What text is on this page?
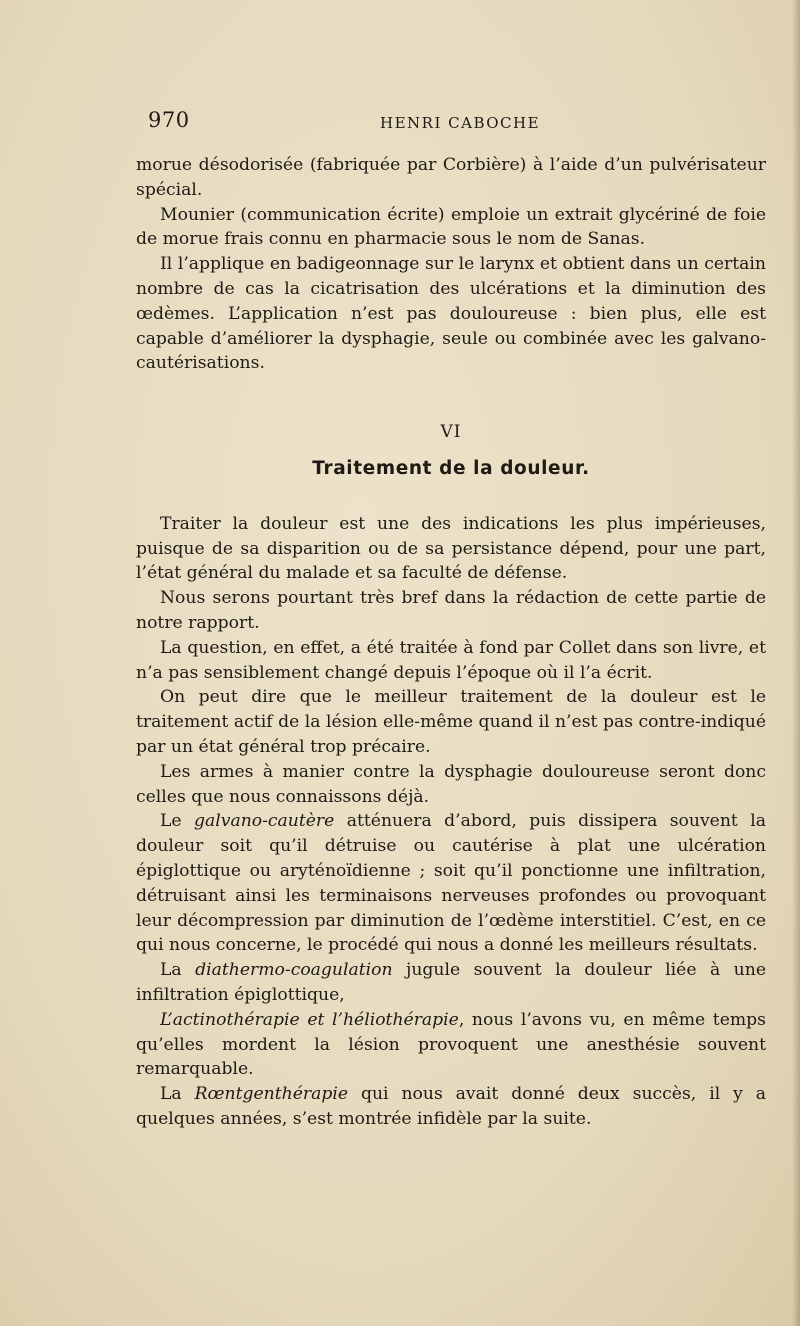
970	HENRI CABOCHE

morue désodorisée (fabriquée par Corbière) à l’aide d’un pulvérisateur spécial.

Mounier (communication écrite) emploie un extrait glycériné de foie de morue frais connu en pharmacie sous le nom de Sanas.

Il l’applique en badigeonnage sur le larynx et obtient dans un certain nombre de cas la cicatrisation des ulcérations et la diminution des œdèmes. L’application n’est pas douloureuse : bien plus, elle est capable d’améliorer la dysphagie, seule ou combinée avec les galvano-cautérisations.

VI
Traitement de la douleur.

Traiter la douleur est une des indications les plus impérieuses, puisque de sa disparition ou de sa persistance dépend, pour une part, l’état général du malade et sa faculté de défense.

Nous serons pourtant très bref dans la rédaction de cette partie de notre rapport.

La question, en effet, a été traitée à fond par Collet dans son livre, et n’a pas sensiblement changé depuis l’époque où il l’a écrit.

On peut dire que le meilleur traitement de la douleur est le traitement actif de la lésion elle-même quand il n’est pas contre-indiqué par un état général trop précaire.

Les armes à manier contre la dysphagie douloureuse seront donc celles que nous connaissons déjà.

Le galvano-cautère atténuera d’abord, puis dissipera souvent la douleur soit qu’il détruise ou cautérise à plat une ulcération épiglottique ou aryténoïdienne ; soit qu’il ponctionne une infiltration, détruisant ainsi les terminaisons nerveuses profondes ou provoquant leur décompression par diminution de l’œdème interstitiel. C’est, en ce qui nous concerne, le procédé qui nous a donné les meilleurs résultats.

La diathermo-coagulation jugule souvent la douleur liée à une infiltration épiglottique,

L’actinothérapie et l’héliothérapie, nous l’avons vu, en même temps qu’elles mordent la lésion provoquent une anesthésie souvent remarquable.

La Rœntgenthérapie qui nous avait donné deux succès, il y a quelques années, s’est montrée infidèle par la suite.
